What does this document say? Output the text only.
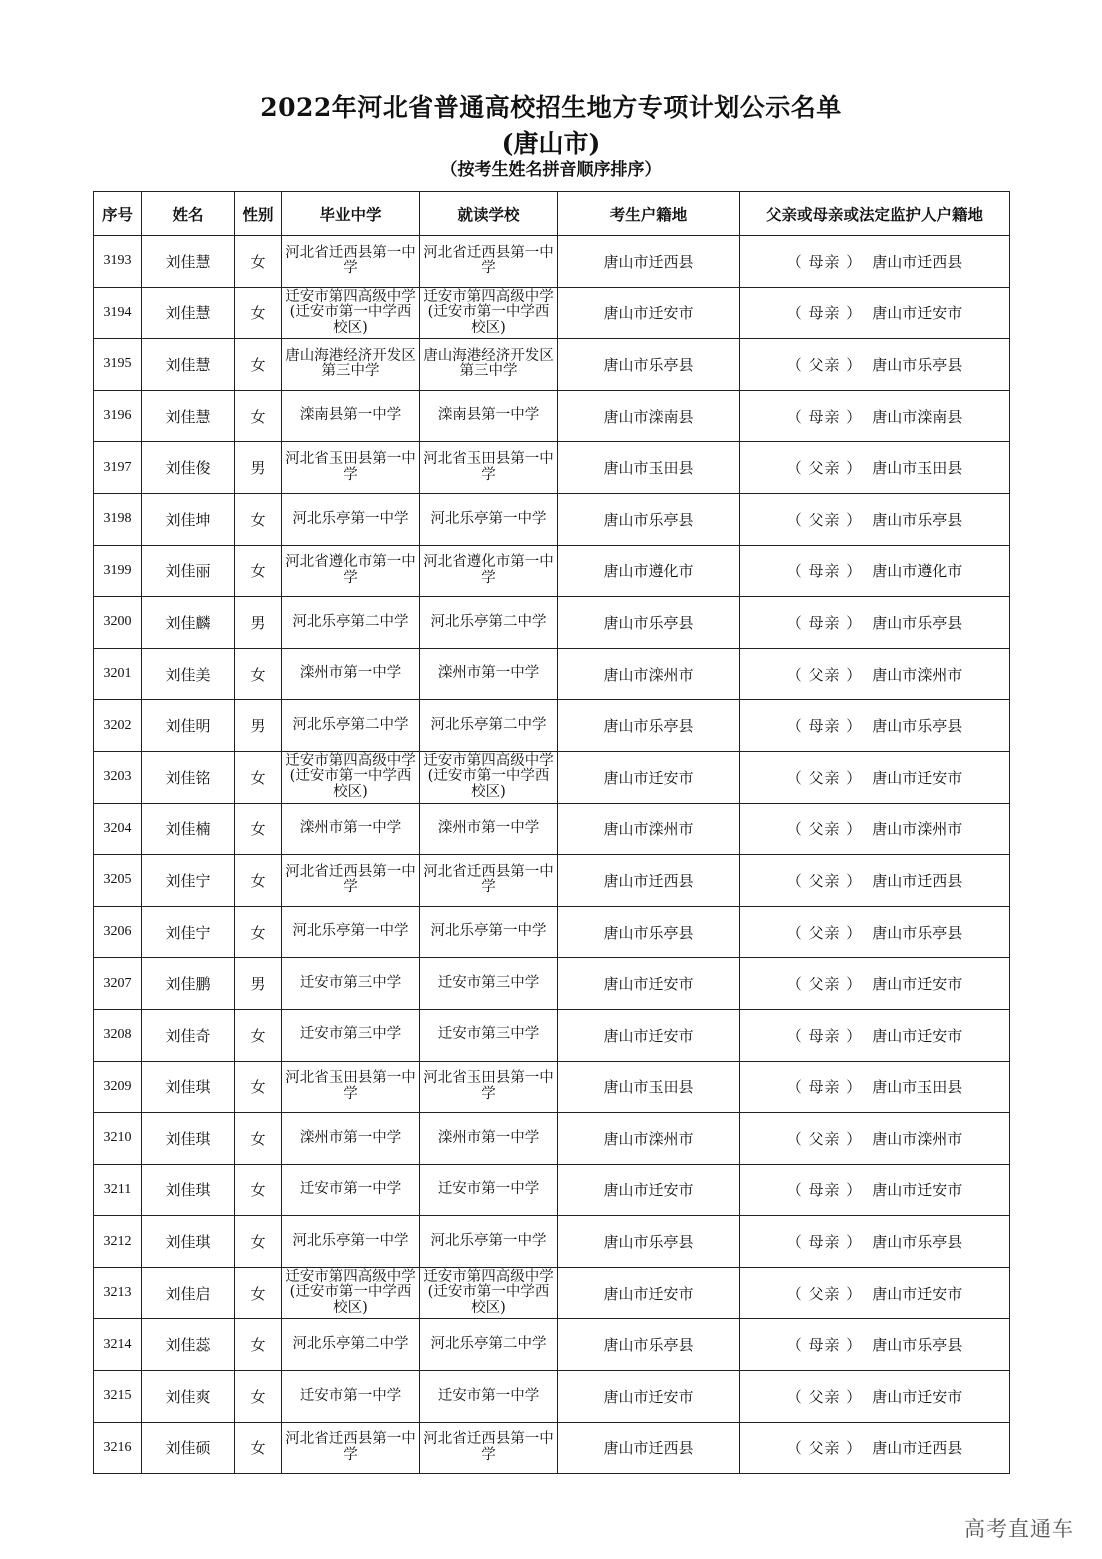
2022年河北省普通高校招生地方专项计划公示名单
(唐山市)
（按考生姓名拼音顺序排序）
序号	姓名	性别	毕业中学	就读学校	考生户籍地	父亲或母亲或法定监护人户籍地
3193	刘佳慧	女	河北省迁西县第一中学	河北省迁西县第一中学	唐山市迁西县	（ 母亲 ） 唐山市迁西县
3194	刘佳慧	女	迁安市第四高级中学(迁安市第一中学西校区)	迁安市第四高级中学(迁安市第一中学西校区)	唐山市迁安市	（ 母亲 ） 唐山市迁安市
3195	刘佳慧	女	唐山海港经济开发区第三中学	唐山海港经济开发区第三中学	唐山市乐亭县	（ 父亲 ） 唐山市乐亭县
3196	刘佳慧	女	滦南县第一中学	滦南县第一中学	唐山市滦南县	（ 母亲 ） 唐山市滦南县
3197	刘佳俊	男	河北省玉田县第一中学	河北省玉田县第一中学	唐山市玉田县	（ 父亲 ） 唐山市玉田县
3198	刘佳坤	女	河北乐亭第一中学	河北乐亭第一中学	唐山市乐亭县	（ 父亲 ） 唐山市乐亭县
3199	刘佳丽	女	河北省遵化市第一中学	河北省遵化市第一中学	唐山市遵化市	（ 母亲 ） 唐山市遵化市
3200	刘佳麟	男	河北乐亭第二中学	河北乐亭第二中学	唐山市乐亭县	（ 母亲 ） 唐山市乐亭县
3201	刘佳美	女	滦州市第一中学	滦州市第一中学	唐山市滦州市	（ 父亲 ） 唐山市滦州市
3202	刘佳明	男	河北乐亭第二中学	河北乐亭第二中学	唐山市乐亭县	（ 母亲 ） 唐山市乐亭县
3203	刘佳铭	女	迁安市第四高级中学(迁安市第一中学西校区)	迁安市第四高级中学(迁安市第一中学西校区)	唐山市迁安市	（ 父亲 ） 唐山市迁安市
3204	刘佳楠	女	滦州市第一中学	滦州市第一中学	唐山市滦州市	（ 父亲 ） 唐山市滦州市
3205	刘佳宁	女	河北省迁西县第一中学	河北省迁西县第一中学	唐山市迁西县	（ 父亲 ） 唐山市迁西县
3206	刘佳宁	女	河北乐亭第一中学	河北乐亭第一中学	唐山市乐亭县	（ 父亲 ） 唐山市乐亭县
3207	刘佳鹏	男	迁安市第三中学	迁安市第三中学	唐山市迁安市	（ 父亲 ） 唐山市迁安市
3208	刘佳奇	女	迁安市第三中学	迁安市第三中学	唐山市迁安市	（ 母亲 ） 唐山市迁安市
3209	刘佳琪	女	河北省玉田县第一中学	河北省玉田县第一中学	唐山市玉田县	（ 母亲 ） 唐山市玉田县
3210	刘佳琪	女	滦州市第一中学	滦州市第一中学	唐山市滦州市	（ 父亲 ） 唐山市滦州市
3211	刘佳琪	女	迁安市第一中学	迁安市第一中学	唐山市迁安市	（ 母亲 ） 唐山市迁安市
3212	刘佳琪	女	河北乐亭第一中学	河北乐亭第一中学	唐山市乐亭县	（ 母亲 ） 唐山市乐亭县
3213	刘佳启	女	迁安市第四高级中学(迁安市第一中学西校区)	迁安市第四高级中学(迁安市第一中学西校区)	唐山市迁安市	（ 父亲 ） 唐山市迁安市
3214	刘佳蕊	女	河北乐亭第二中学	河北乐亭第二中学	唐山市乐亭县	（ 母亲 ） 唐山市乐亭县
3215	刘佳爽	女	迁安市第一中学	迁安市第一中学	唐山市迁安市	（ 父亲 ） 唐山市迁安市
3216	刘佳硕	女	河北省迁西县第一中学	河北省迁西县第一中学	唐山市迁西县	（ 父亲 ） 唐山市迁西县
高考直通车
